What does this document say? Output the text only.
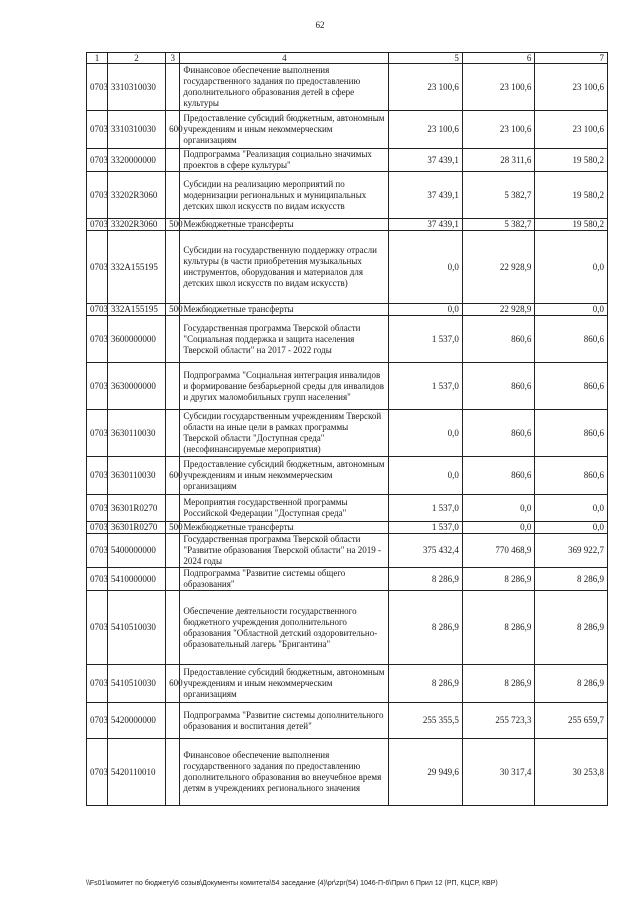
62
1	2	3	4	5	6	7
0703	3310310030		Финансовое обеспечение выполнения государственного задания по предоставлению дополнительного образования детей в сфере культуры	23 100,6	23 100,6	23 100,6
0703	3310310030	600	Предоставление субсидий бюджетным, автономным учреждениям и иным некоммерческим организациям	23 100,6	23 100,6	23 100,6
0703	3320000000		Подпрограмма "Реализация социально значимых проектов в сфере культуры"	37 439,1	28 311,6	19 580,2
0703	33202R3060		Субсидии на реализацию мероприятий по модернизации региональных и муниципальных детских школ искусств по видам искусств	37 439,1	5 382,7	19 580,2
0703	33202R3060	500	Межбюджетные трансферты	37 439,1	5 382,7	19 580,2
0703	332A155195		Субсидии на государственную поддержку отрасли культуры (в части приобретения музыкальных инструментов, оборудования и материалов для детских школ искусств по видам искусств)	0,0	22 928,9	0,0
0703	332A155195	500	Межбюджетные трансферты	0,0	22 928,9	0,0
0703	3600000000		Государственная программа Тверской области "Социальная поддержка и защита населения Тверской области" на 2017 - 2022 годы	1 537,0	860,6	860,6
0703	3630000000		Подпрограмма "Социальная интеграция инвалидов и формирование безбарьерной среды для инвалидов и других маломобильных групп населения"	1 537,0	860,6	860,6
0703	3630110030		Субсидии государственным учреждениям Тверской области на иные цели в рамках программы Тверской области "Доступная среда" (несофинансируемые мероприятия)	0,0	860,6	860,6
0703	3630110030	600	Предоставление субсидий бюджетным, автономным учреждениям и иным некоммерческим организациям	0,0	860,6	860,6
0703	36301R0270		Мероприятия государственной программы Российской Федерации "Доступная среда"	1 537,0	0,0	0,0
0703	36301R0270	500	Межбюджетные трансферты	1 537,0	0,0	0,0
0703	5400000000		Государственная программа Тверской области "Развитие образования Тверской области" на 2019 - 2024 годы	375 432,4	770 468,9	369 922,7
0703	5410000000		Подпрограмма "Развитие системы общего образования"	8 286,9	8 286,9	8 286,9
0703	5410510030		Обеспечение деятельности государственного бюджетного учреждения дополнительного образования "Областной детский оздоровительно-образовательный лагерь "Бригантина"	8 286,9	8 286,9	8 286,9
0703	5410510030	600	Предоставление субсидий бюджетным, автономным учреждениям и иным некоммерческим организациям	8 286,9	8 286,9	8 286,9
0703	5420000000		Подпрограмма "Развитие системы дополнительного образования и воспитания детей"	255 355,5	255 723,3	255 659,7
0703	5420110010		Финансовое обеспечение выполнения государственного задания по предоставлению дополнительного образования во внеучебное время детям в учреждениях регионального значения	29 949,6	30 317,4	30 253,8
\\Fs01\комитет по бюджету\6 созыв\Документы комитета\54 заседание (4)\pr\zpr(54) 1046-П-6\Прил 6 Прил 12 (РП, КЦСР, КВР)
